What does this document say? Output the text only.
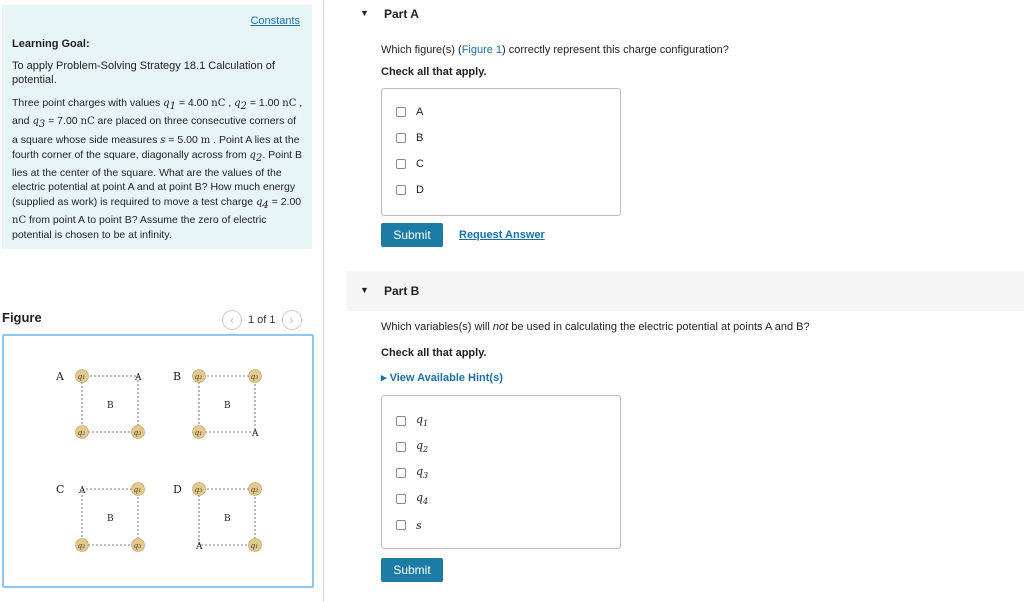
Constants
Learning Goal:
To apply Problem-Solving Strategy 18.1 Calculation of potential.
Three point charges with values $q_1 = 4.00$ nC , $q_2 = 1.00$ nC , and $q_3 = 7.00$ nC are placed on three consecutive corners of a square whose side measures s = 5.00 m . Point A lies at the fourth corner of the square, diagonally across from $q_2$. Point B lies at the center of the square. What are the values of the electric potential at point A and at point B? How much energy (supplied as work) is required to move a test charge $q_4 = 2.00$ nC from point A to point B? Assume the zero of electric potential is chosen to be at infinity.
Figure	‹	1 of 1	›
A
B
q₁	A
q₂	q₃
B
B
q₂	q₃
q₁	A
C
B
A	q₁
q₂	q₃
D
B
q₃	q₂
A	q₁
▼ Part A
Which figure(s) (Figure 1) correctly represent this charge configuration?
Check all that apply.
A
B
C
D
Submit	Request Answer
▼ Part B
Which variables(s) will not be used in calculating the electric potential at points A and B?
Check all that apply.
▸ View Available Hint(s)
$q_1$
$q_2$
$q_3$
$q_4$
s
Submit
